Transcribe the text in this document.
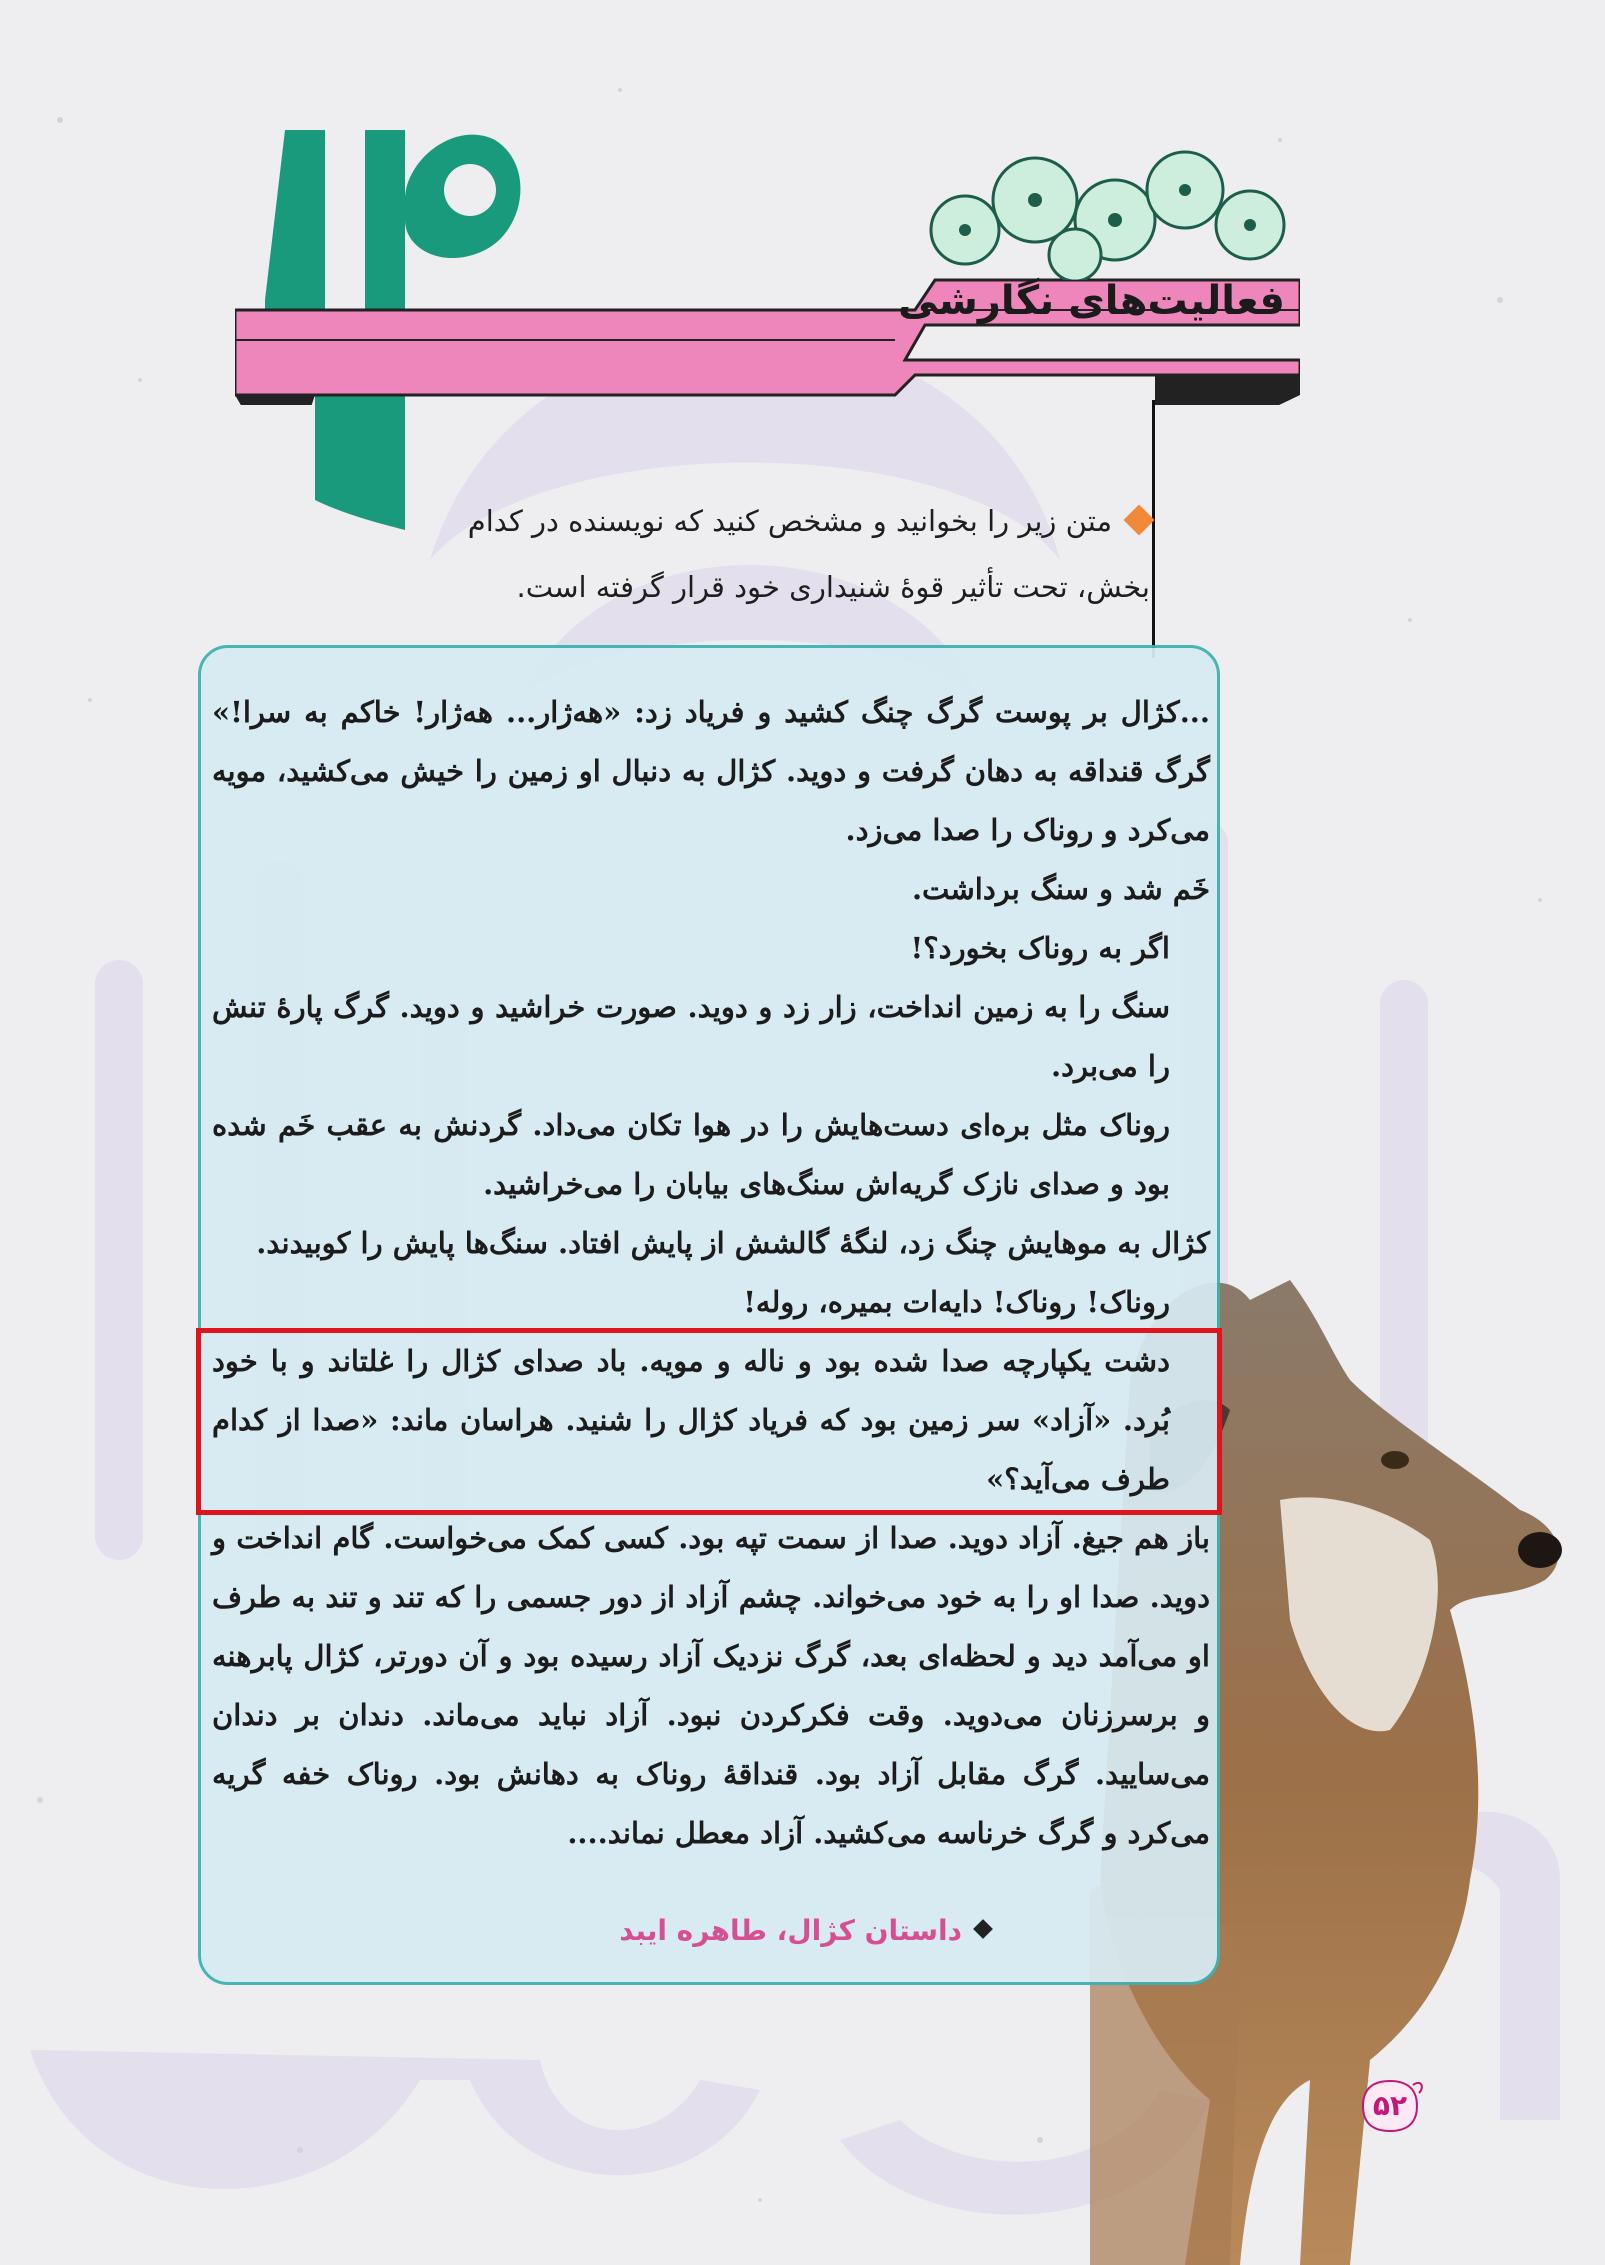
فعالیت‌های نگارشی
متن زیر را بخوانید و مشخص کنید که نویسنده در کدام بخش، تحت تأثیر قوهٔ شنیداری خود قرار گرفته است.

...کژال بر پوست گرگ چنگ کشید و فریاد زد: «هه‌ژار... هه‌ژار! خاکم به سرا!» گرگ قنداقه به دهان گرفت و دوید. کژال به دنبال او زمین را خیش می‌کشید، مویه می‌کرد و روناک را صدا می‌زد.

خَم شد و سنگ برداشت.

اگر به روناک بخورد؟!

سنگ را به زمین انداخت، زار زد و دوید. صورت خراشید و دوید. گرگ پارهٔ تنش را می‌برد.

روناک مثل بره‌ای دست‌هایش را در هوا تکان می‌داد. گردنش به عقب خَم شده بود و صدای نازک گریه‌اش سنگ‌های بیابان را می‌خراشید.

کژال به موهایش چنگ زد، لنگهٔ گالشش از پایش افتاد. سنگ‌ها پایش را کوبیدند.

روناک! روناک! دایه‌ات بمیره، روله!

دشت یکپارچه صدا شده بود و ناله و مویه. باد صدای کژال را غلتاند و با خود بُرد. «آزاد» سر زمین بود که فریاد کژال را شنید. هراسان ماند: «صدا از کدام طرف می‌آید؟»

باز هم جیغ. آزاد دوید. صدا از سمت تپه بود. کسی کمک می‌خواست. گام انداخت و دوید. صدا او را به خود می‌خواند. چشم آزاد از دور جسمی را که تند و تند به طرف او می‌آمد دید و لحظه‌ای بعد، گرگ نزدیک آزاد رسیده بود و آن دورتر، کژال پابرهنه و برسرزنان می‌دوید. وقت فکرکردن نبود. آزاد نباید می‌ماند. دندان بر دندان می‌سایید. گرگ مقابل آزاد بود. قنداقهٔ روناک به دهانش بود. روناک خفه گریه می‌کرد و گرگ خرناسه می‌کشید. آزاد معطل نماند....

داستان کژال، طاهره ایبد
۵۲
